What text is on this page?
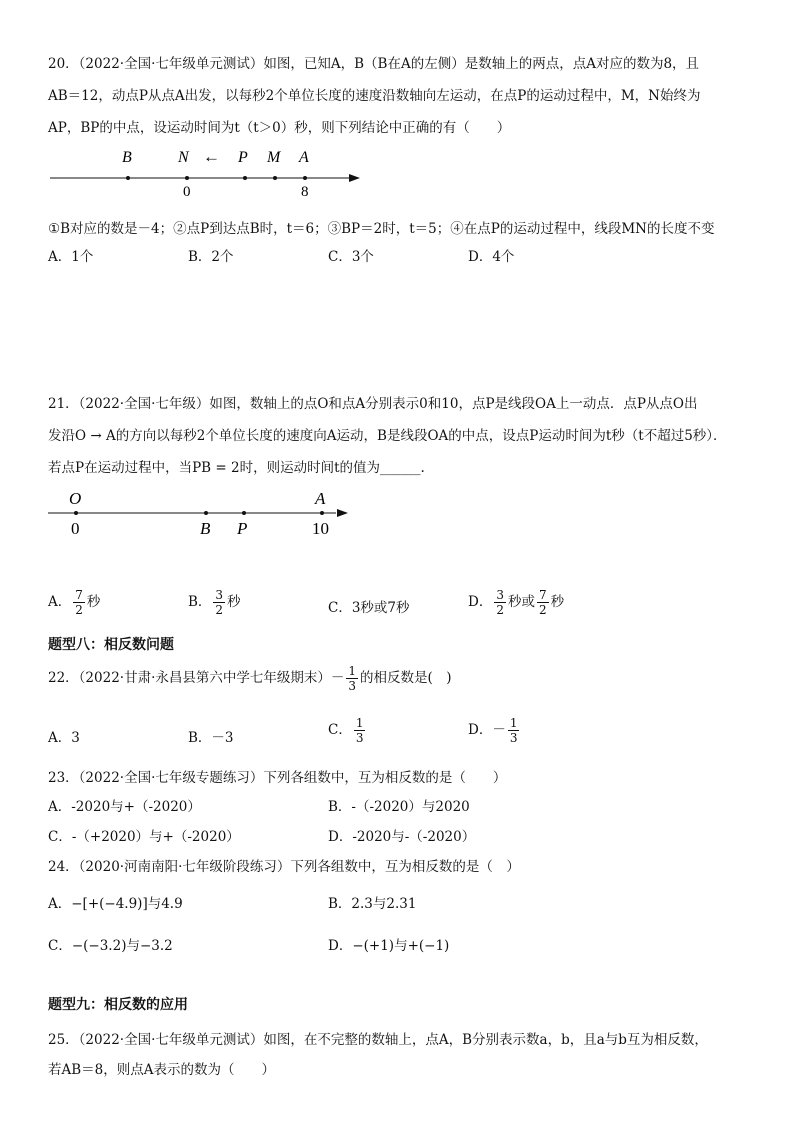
20．（2022·全国·七年级单元测试）如图，已知A，B（B在A的左侧）是数轴上的两点，点A对应的数为8，且
AB＝12，动点P从点A出发，以每秒2个单位长度的速度沿数轴向左运动，在点P的运动过程中，M，N始终为
AP，BP的中点，设运动时间为t（t＞0）秒，则下列结论中正确的有（　　）
B	N ← P M A
0	8
①B对应的数是－4；②点P到达点B时，t＝6；③BP＝2时，t＝5；④在点P的运动过程中，线段MN的长度不变
A．1个	B．2个	C．3个	D．4个
21．（2022·全国·七年级）如图，数轴上的点O和点A分别表示0和10，点P是线段OA上一动点．点P从点O出
发沿O → A的方向以每秒2个单位长度的速度向A运动，B是线段OA的中点，设点P运动时间为t秒（t不超过5秒）．
若点P在运动过程中，当PB = 2时，则运动时间t的值为______.
O	A
0	B P	10
A． $\frac{7}{2}$ 秒	B． $\frac{3}{2}$ 秒	C．3秒或7秒	D． $\frac{3}{2}$ 秒或 $\frac{7}{2}$ 秒
题型八：相反数问题
22．（2022·甘肃·永昌县第六中学七年级期末）－ $\frac{1}{3}$ 的相反数是(　)
A．3	B．－3	C． $\frac{1}{3}$	D．－ $\frac{1}{3}$
23．（2022·全国·七年级专题练习）下列各组数中，互为相反数的是（　　）
A．-2020与+（-2020）	B．-（-2020）与2020
C．-（+2020）与+（-2020）	D．-2020与-（-2020）
24．（2020·河南南阳·七年级阶段练习）下列各组数中，互为相反数的是（　）
A．−[+(−4.9)]与4.9	B．2.3与2.31
C．−(−3.2)与−3.2	D．−(+1)与+(−1)
题型九：相反数的应用
25．（2022·全国·七年级单元测试）如图，在不完整的数轴上，点A，B分别表示数a，b，且a与b互为相反数，
若AB＝8，则点A表示的数为（　　）
